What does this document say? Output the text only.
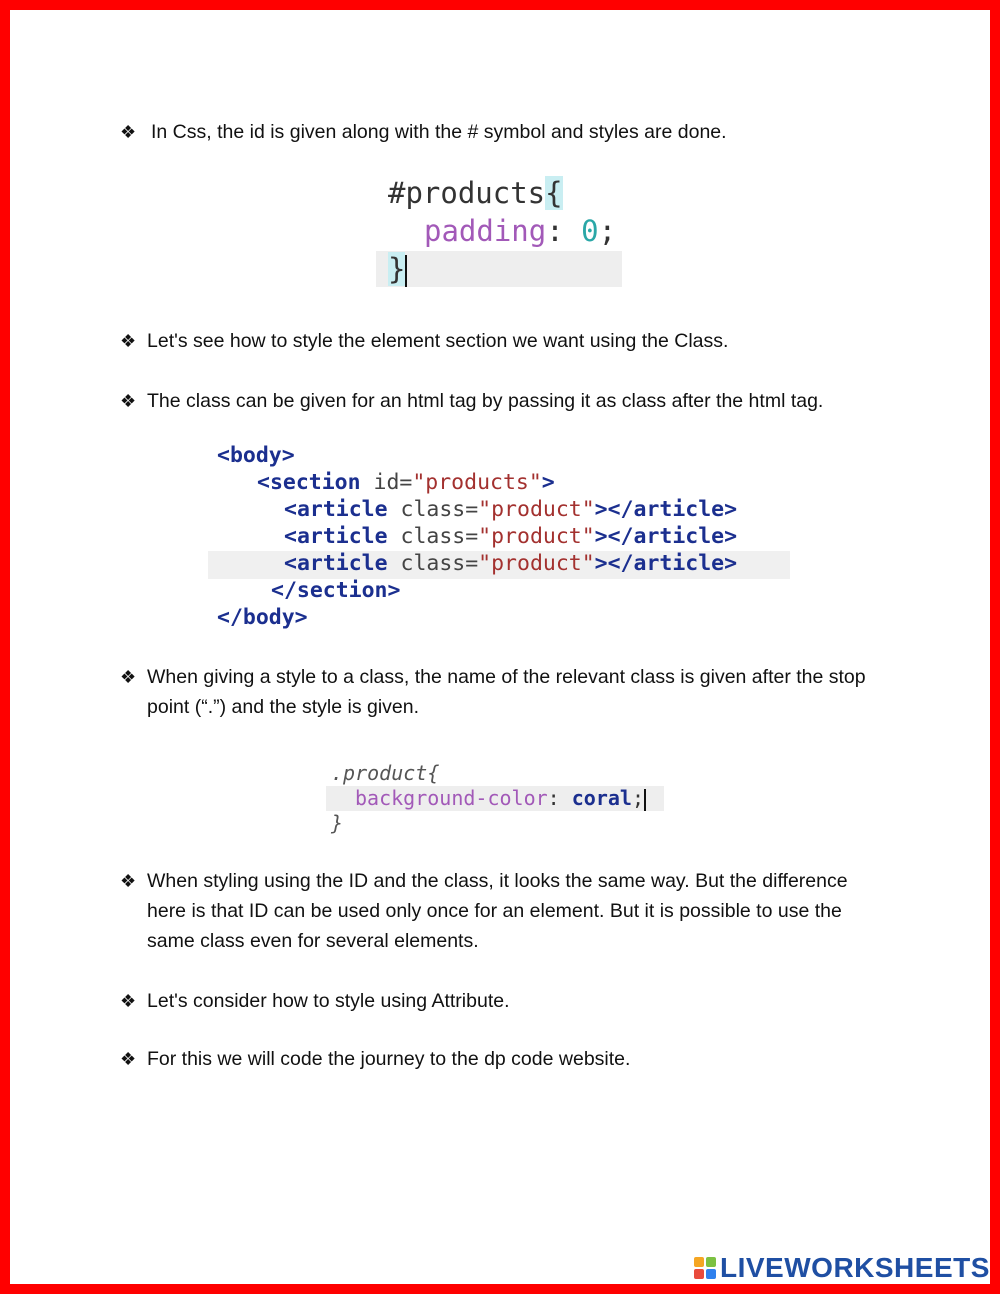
❖ In Css, the id is given along with the # symbol and styles are done.

#products{

padding: 0;

}

❖ Let's see how to style the element section we want using the Class.
❖ The class can be given for an html tag by passing it as class after the html tag.

<body>

<section id="products">

<article class="product"></article>

<article class="product"></article>

<article class="product"></article>

</section>

</body>

❖ When giving a style to a class, the name of the relevant class is given after the stop point (“.”) and the style is given.

.product{

background-color: coral;

}

❖ When styling using the ID and the class, it looks the same way. But the difference here is that ID can be used only once for an element. But it is possible to use the same class even for several elements.
❖ Let's consider how to style using Attribute.
❖ For this we will code the journey to the dp code website.
LIVEWORKSHEETS
